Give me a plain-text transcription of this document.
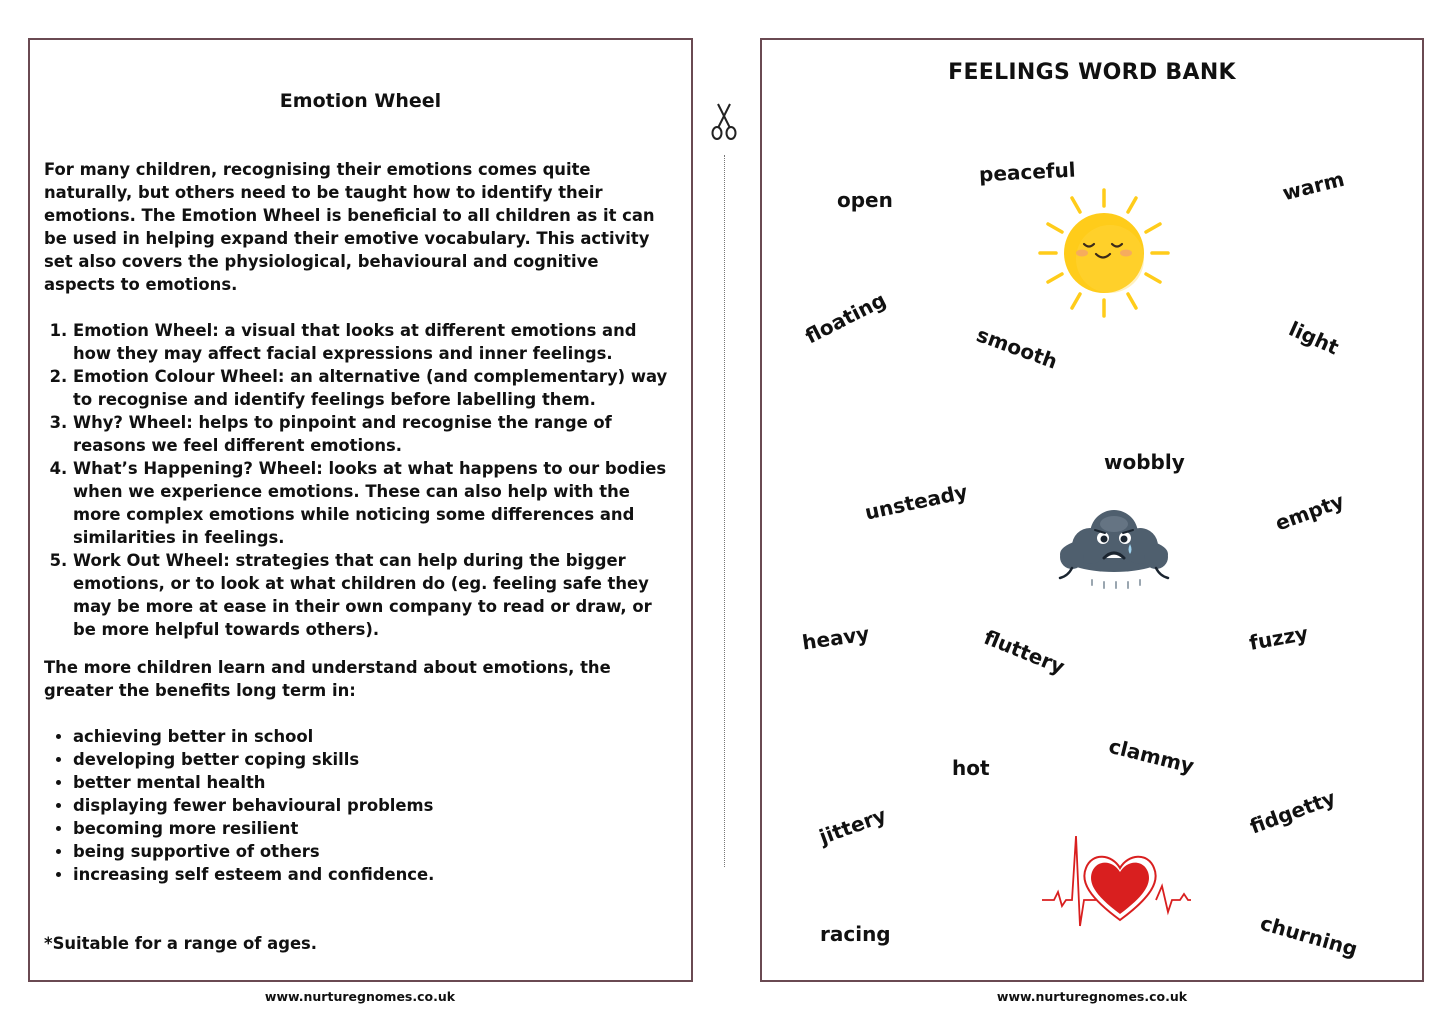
Emotion Wheel

For many children, recognising their emotions comes quite naturally, but others need to be taught how to identify their emotions. The Emotion Wheel is beneficial to all children as it can be used in helping expand their emotive vocabulary. This activity set also covers the physiological, behavioural and cognitive aspects to emotions.

1. Emotion Wheel: a visual that looks at different emotions and how they may affect facial expressions and inner feelings.
2. Emotion Colour Wheel: an alternative (and complementary) way to recognise and identify feelings before labelling them.
3. Why? Wheel: helps to pinpoint and recognise the range of reasons we feel different emotions.
4. What’s Happening? Wheel: looks at what happens to our bodies when we experience emotions. These can also help with the more complex emotions while noticing some differences and similarities in feelings.
5. Work Out Wheel: strategies that can help during the bigger emotions, or to look at what children do (eg. feeling safe they may be more at ease in their own company to read or draw, or be more helpful towards others).

The more children learn and understand about emotions, the greater the benefits long term in:

• achieving better in school
• developing better coping skills
• better mental health
• displaying fewer behavioural problems
• becoming more resilient
• being supportive of others
• increasing self esteem and confidence.

*Suitable for a range of ages.

www.nurturegnomes.co.uk
FEELINGS WORD BANK
open
peaceful	warm
floating	smooth	light
wobbly
unsteady	empty
heavy	fluttery	fuzzy
hot	clammy
jittery	fidgetty
racing	churning
www.nurturegnomes.co.uk
